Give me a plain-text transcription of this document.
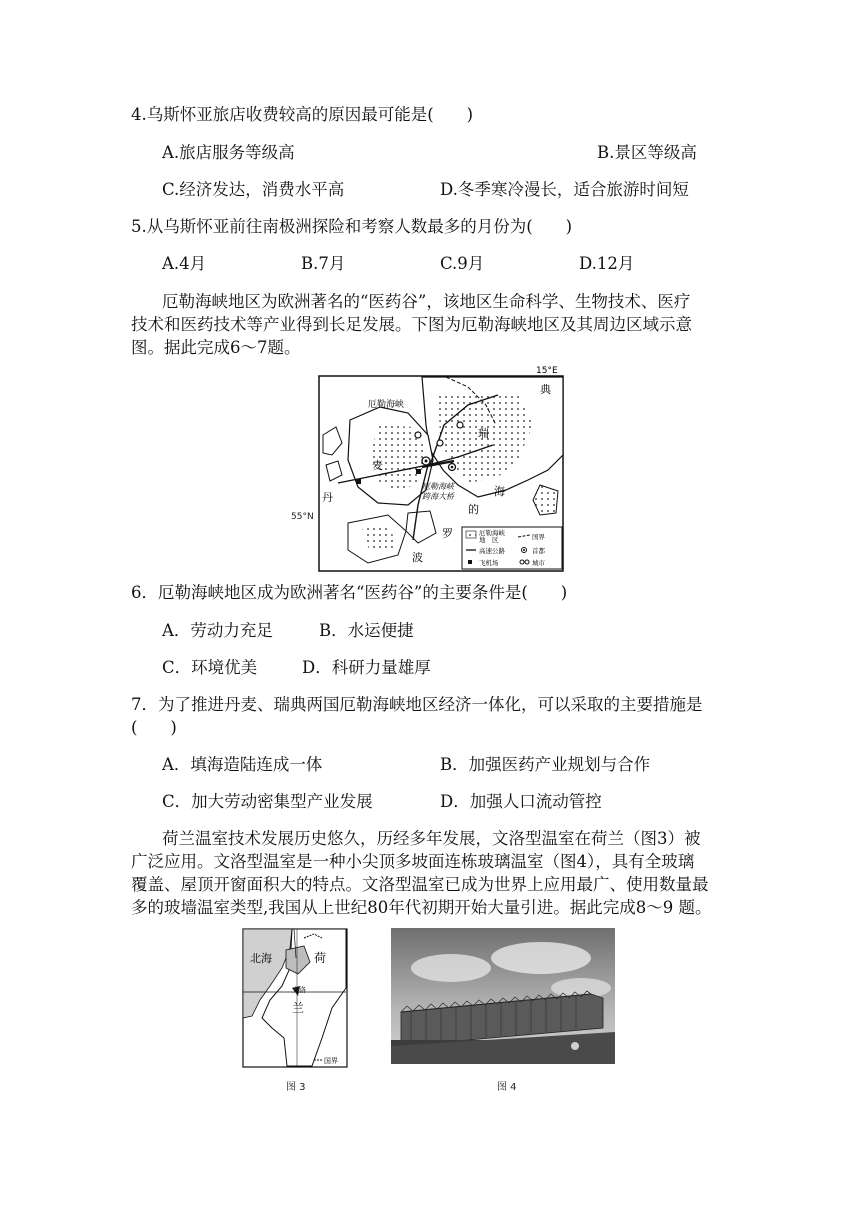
4.乌斯怀亚旅店收费较高的原因最可能是(　　)
A.旅店服务等级高	B.景区等级高
C.经济发达，消费水平高	D.冬季寒冷漫长，适合旅游时间短
5.从乌斯怀亚前往南极洲探险和考察人数最多的月份为(　　)
A.4月	B.7月	C.9月	D.12月
厄勒海峡地区为欧洲著名的“医药谷”，该地区生命科学、生物技术、医疗
技术和医药技术等产业得到长足发展。下图为厄勒海峡地区及其周边区域示意
图。据此完成6～7题。
15°E
典
厄勒海峡
瑞
麦
丹
厄勒海峡
跨海大桥	海
的
罗
波
厄勒海峡
地　区	国界
高速公路	首都
飞机场	城市
55°N
6．厄勒海峡地区成为欧洲著名“医药谷”的主要条件是(　　)
A．劳动力充足	B．水运便捷
C．环境优美	D．科研力量雄厚
7．为了推进丹麦、瑞典两国厄勒海峡地区经济一体化，可以采取的主要措施是
(　　)
A．填海造陆连成一体	B．加强医药产业规划与合作
C．加大劳动密集型产业发展	D．加强人口流动管控
荷兰温室技术发展历史悠久，历经多年发展，文洛型温室在荷兰（图3）被
广泛应用。文洛型温室是一种小尖顶多坡面连栋玻璃温室（图4），具有全玻璃
覆盖、屋顶开窗面积大的特点。文洛型温室已成为世界上应用最广、使用数量最
多的玻墙温室类型,我国从上世纪80年代初期开始大量引进。据此完成8～9 题。
北海	荷
文洛
兰
国界
图 3	图 4
